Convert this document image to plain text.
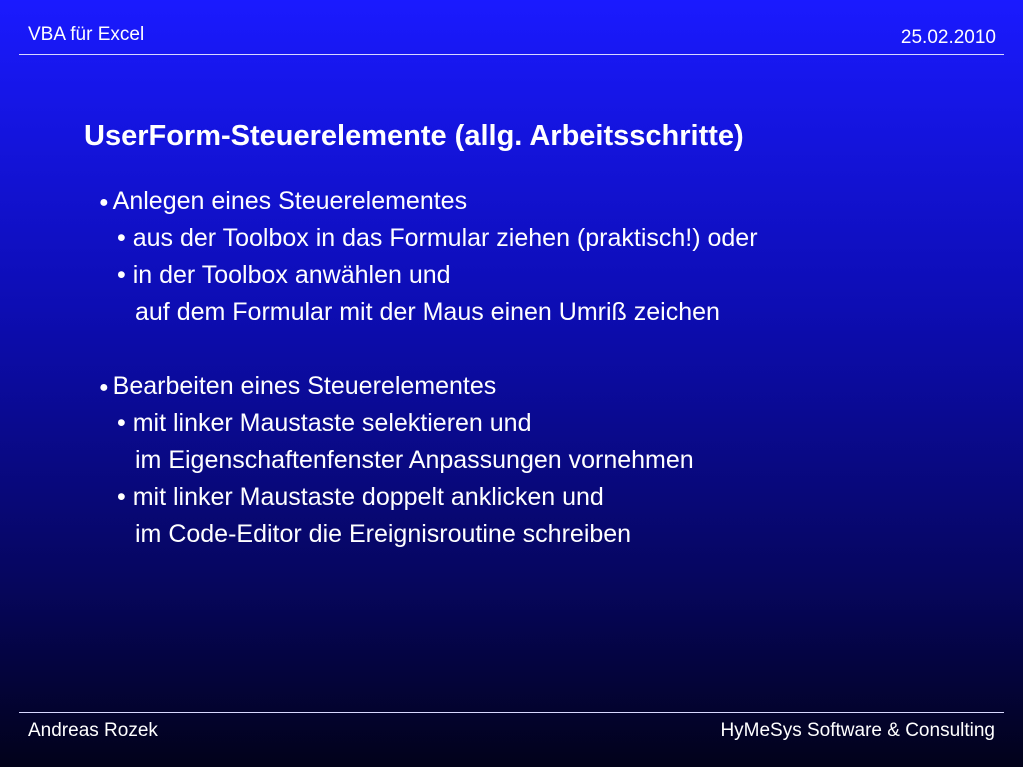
VBA für Excel	25.02.2010
UserForm-Steuerelemente (allg. Arbeitsschritte)
● Anlegen eines Steuerelementes
• aus der Toolbox in das Formular ziehen (praktisch!) oder
• in der Toolbox anwählen und
auf dem Formular mit der Maus einen Umriß zeichen
● Bearbeiten eines Steuerelementes
• mit linker Maustaste selektieren und
im Eigenschaftenfenster Anpassungen vornehmen
• mit linker Maustaste doppelt anklicken und
im Code-Editor die Ereignisroutine schreiben
Andreas Rozek	HyMeSys Software & Consulting
